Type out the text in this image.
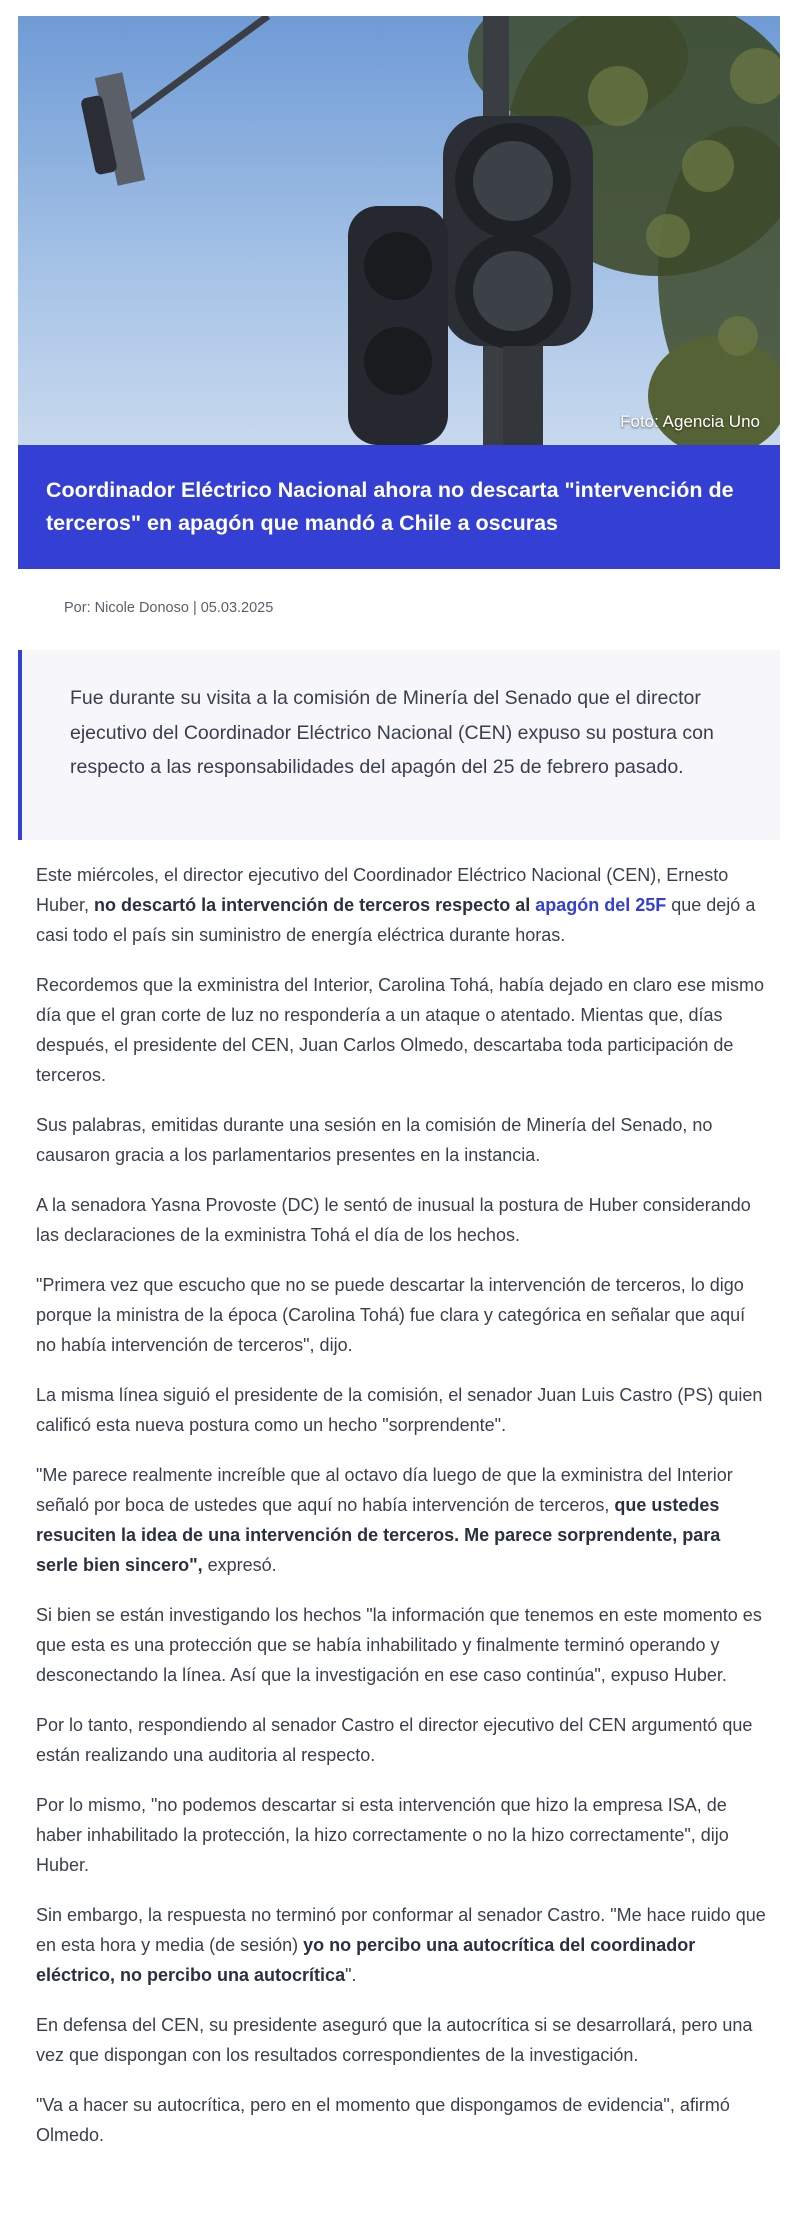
Foto: Agencia Uno
Coordinador Eléctrico Nacional ahora no descarta "intervención de terceros" en apagón que mandó a Chile a oscuras
Por: Nicole Donoso | 05.03.2025

Fue durante su visita a la comisión de Minería del Senado que el director ejecutivo del Coordinador Eléctrico Nacional (CEN) expuso su postura con respecto a las responsabilidades del apagón del 25 de febrero pasado.

Este miércoles, el director ejecutivo del Coordinador Eléctrico Nacional (CEN), Ernesto Huber, no descartó la intervención de terceros respecto al apagón del 25F que dejó a casi todo el país sin suministro de energía eléctrica durante horas.

Recordemos que la exministra del Interior, Carolina Tohá, había dejado en claro ese mismo día que el gran corte de luz no respondería a un ataque o atentado. Mientas que, días después, el presidente del CEN, Juan Carlos Olmedo, descartaba toda participación de terceros.

Sus palabras, emitidas durante una sesión en la comisión de Minería del Senado, no causaron gracia a los parlamentarios presentes en la instancia.

A la senadora Yasna Provoste (DC) le sentó de inusual la postura de Huber considerando las declaraciones de la exministra Tohá el día de los hechos.

"Primera vez que escucho que no se puede descartar la intervención de terceros, lo digo porque la ministra de la época (Carolina Tohá) fue clara y categórica en señalar que aquí no había intervención de terceros", dijo.

La misma línea siguió el presidente de la comisión, el senador Juan Luis Castro (PS) quien calificó esta nueva postura como un hecho "sorprendente".

"Me parece realmente increíble que al octavo día luego de que la exministra del Interior señaló por boca de ustedes que aquí no había intervención de terceros, que ustedes resuciten la idea de una intervención de terceros. Me parece sorprendente, para serle bien sincero", expresó.

Si bien se están investigando los hechos "la información que tenemos en este momento es que esta es una protección que se había inhabilitado y finalmente terminó operando y desconectando la línea. Así que la investigación en ese caso continúa", expuso Huber.

Por lo tanto, respondiendo al senador Castro el director ejecutivo del CEN argumentó que están realizando una auditoria al respecto.

Por lo mismo, "no podemos descartar si esta intervención que hizo la empresa ISA, de haber inhabilitado la protección, la hizo correctamente o no la hizo correctamente", dijo Huber.

Sin embargo, la respuesta no terminó por conformar al senador Castro. "Me hace ruido que en esta hora y media (de sesión) yo no percibo una autocrítica del coordinador eléctrico, no percibo una autocrítica".

En defensa del CEN, su presidente aseguró que la autocrítica si se desarrollará, pero una vez que dispongan con los resultados correspondientes de la investigación.

"Va a hacer su autocrítica, pero en el momento que dispongamos de evidencia", afirmó Olmedo.
